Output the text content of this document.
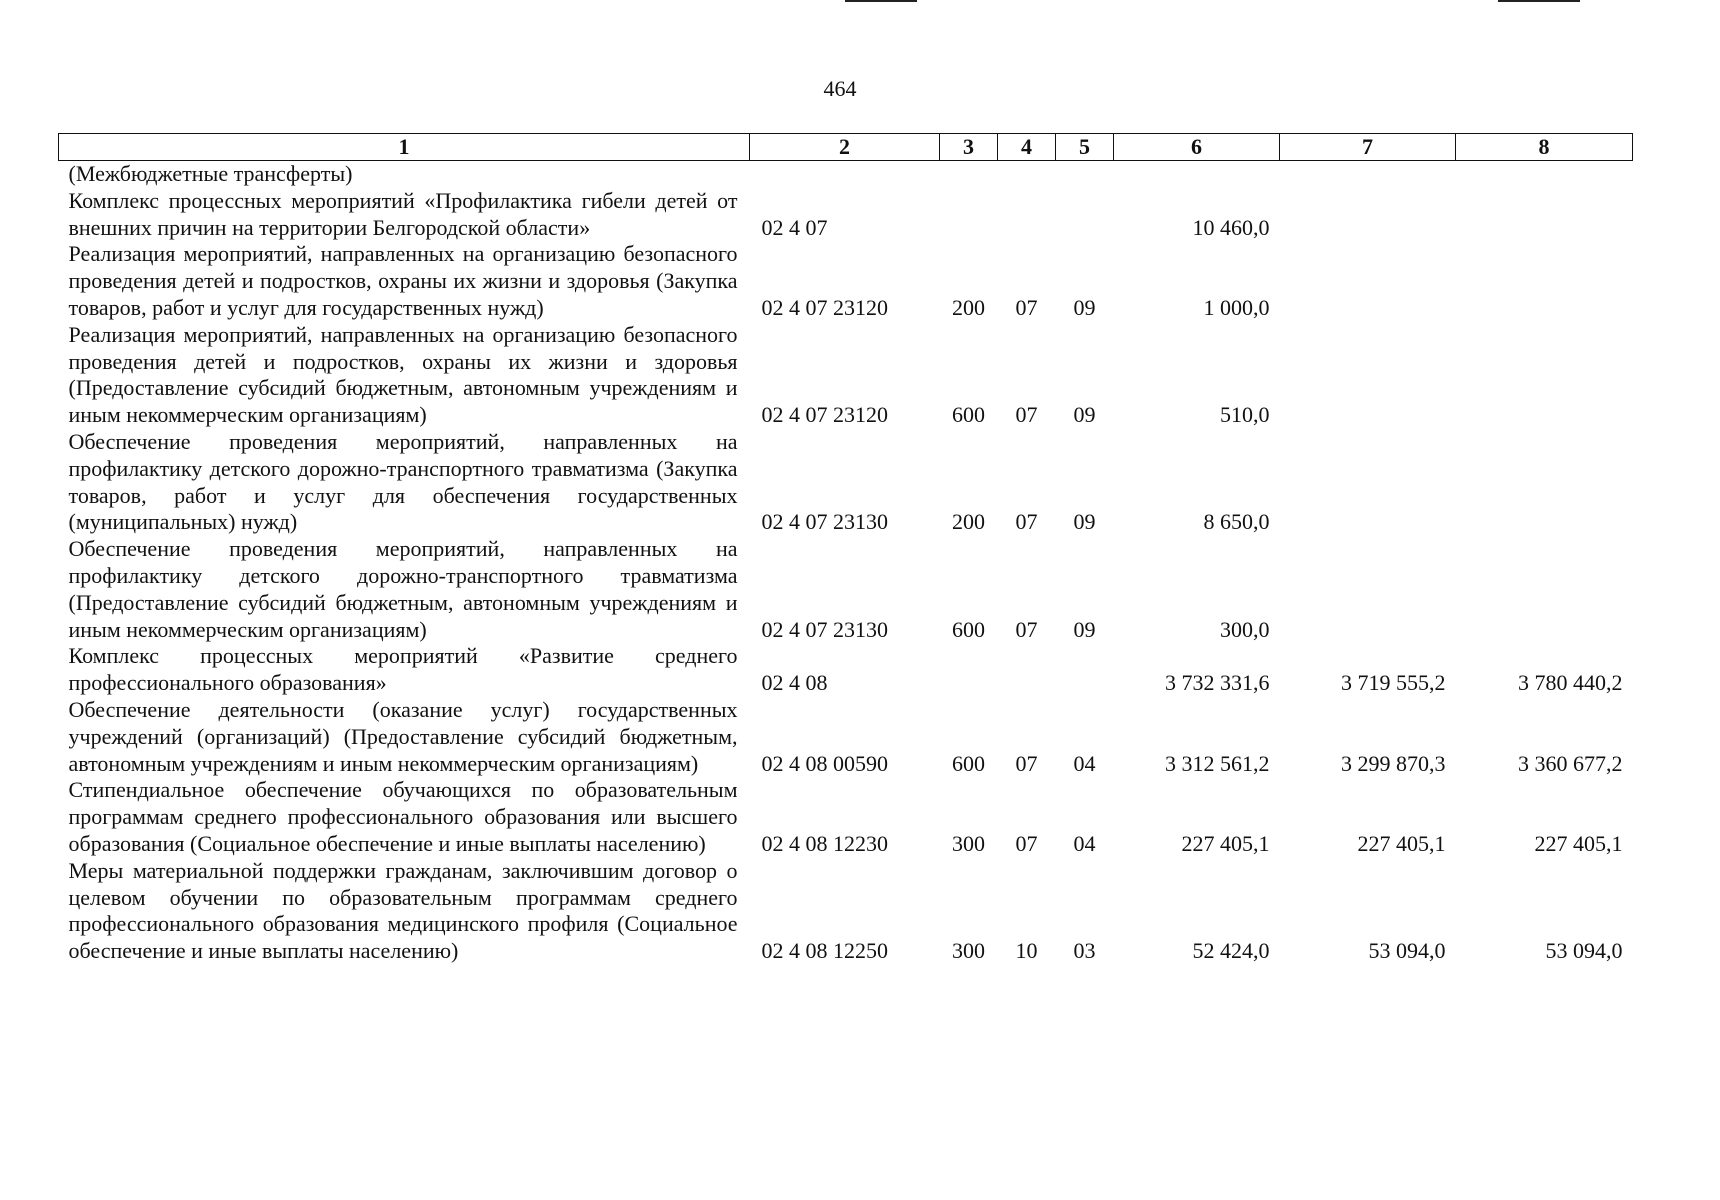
464
1	2	3	4	5	6	7	8
(Межбюджетные трансферты)							
Комплекс процессных мероприятий «Профилактика гибели детей от внешних причин на территории Белгородской области»	02 4 07				10 460,0		
Реализация мероприятий, направленных на организацию безопасного проведения детей и подростков, охраны их жизни и здоровья (Закупка товаров, работ и услуг для государственных нужд)	02 4 07 23120	200	07	09	1 000,0		
Реализация мероприятий, направленных на организацию безопасного проведения детей и подростков, охраны их жизни и здоровья (Предоставление субсидий бюджетным, автономным учреждениям и иным некоммерческим организациям)	02 4 07 23120	600	07	09	510,0		
Обеспечение проведения мероприятий, направленных на профилактику детского дорожно-транспортного травматизма (Закупка товаров, работ и услуг для обеспечения государственных (муниципальных) нужд)	02 4 07 23130	200	07	09	8 650,0		
Обеспечение проведения мероприятий, направленных на профилактику детского дорожно-транспортного травматизма (Предоставление субсидий бюджетным, автономным учреждениям и иным некоммерческим организациям)	02 4 07 23130	600	07	09	300,0		
Комплекс процессных мероприятий «Развитие среднего профессионального образования»	02 4 08				3 732 331,6	3 719 555,2	3 780 440,2
Обеспечение деятельности (оказание услуг) государственных учреждений (организаций) (Предоставление субсидий бюджетным, автономным учреждениям и иным некоммерческим организациям)	02 4 08 00590	600	07	04	3 312 561,2	3 299 870,3	3 360 677,2
Стипендиальное обеспечение обучающихся по образовательным программам среднего профессионального образования или высшего образования (Социальное обеспечение и иные выплаты населению)	02 4 08 12230	300	07	04	227 405,1	227 405,1	227 405,1
Меры материальной поддержки гражданам, заключившим договор о целевом обучении по образовательным программам среднего профессионального образования медицинского профиля (Социальное обеспечение и иные выплаты населению)	02 4 08 12250	300	10	03	52 424,0	53 094,0	53 094,0
